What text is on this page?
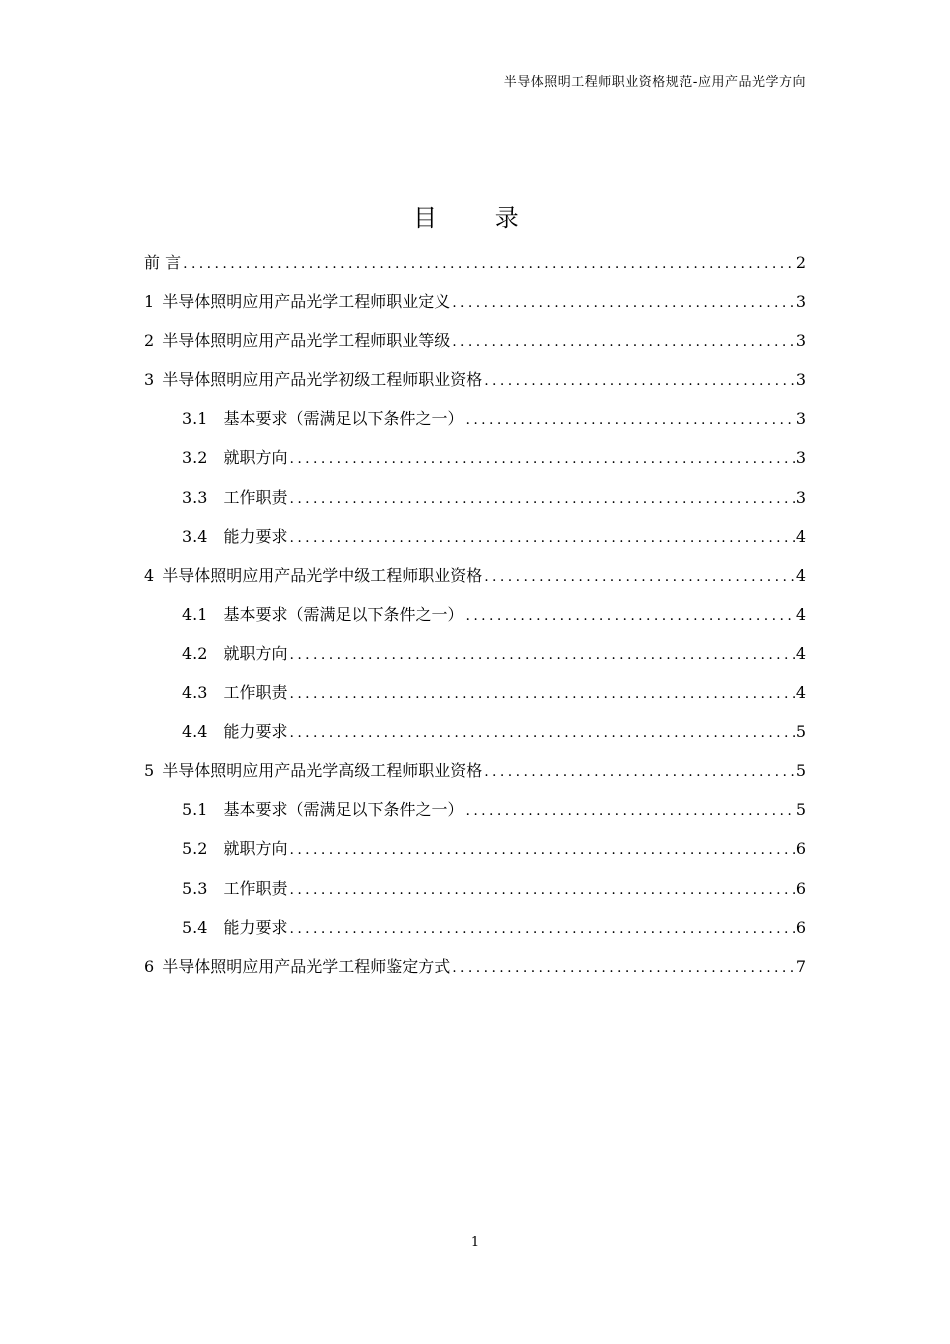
半导体照明工程师职业资格规范-应用产品光学方向
目 录
前 言 .....	2
1 半导体照明应用产品光学工程师职业定义 .....	3
2 半导体照明应用产品光学工程师职业等级 .....	3
3 半导体照明应用产品光学初级工程师职业资格 .....	3
3.1 基本要求（需满足以下条件之一） .....	3
3.2 就职方向 .....	3
3.3 工作职责 .....	3
3.4 能力要求 .....	4
4 半导体照明应用产品光学中级工程师职业资格 .....	4
4.1 基本要求（需满足以下条件之一） .....	4
4.2 就职方向 .....	4
4.3 工作职责 .....	4
4.4 能力要求 .....	5
5 半导体照明应用产品光学高级工程师职业资格 .....	5
5.1 基本要求（需满足以下条件之一） .....	5
5.2 就职方向 .....	6
5.3 工作职责 .....	6
5.4 能力要求 .....	6
6 半导体照明应用产品光学工程师鉴定方式 .....	7
1
